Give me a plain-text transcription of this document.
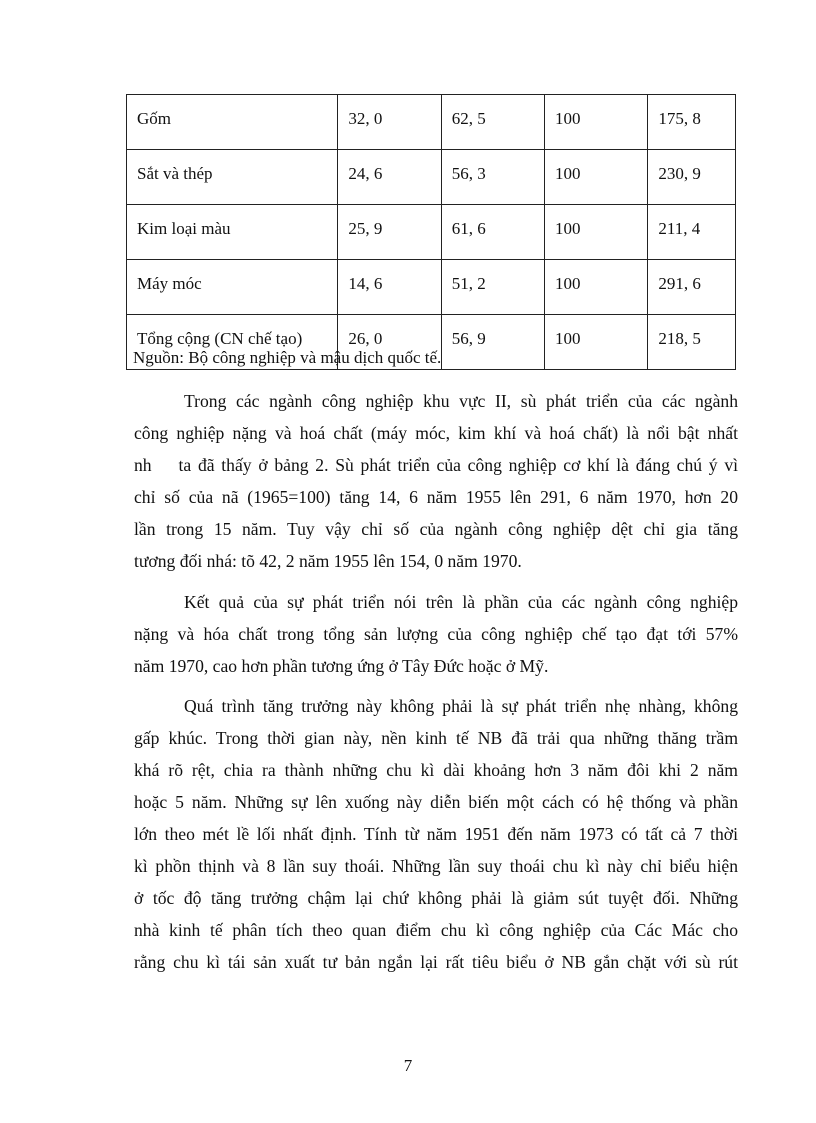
Gốm	32, 0	62, 5	100	175, 8
Sắt và thép	24, 6	56, 3	100	230, 9
Kim loại màu	25, 9	61, 6	100	211, 4
Máy móc	14, 6	51, 2	100	291, 6
Tổng cộng (CN chế tạo)	26, 0	56, 9	100	218, 5
Nguồn: Bộ công nghiệp và mậu dịch quốc tế.
Trong các ngành công nghiệp khu vực II, sù phát triển của các ngành
công nghiệp nặng và hoá chất (máy móc, kim khí và hoá chất) là nổi bật nhất
nh    ta đã thấy ở bảng 2. Sù phát triển của công nghiệp cơ khí là đáng chú ý vì
chỉ số của nã (1965=100) tăng 14, 6 năm 1955 lên 291, 6 năm 1970, hơn 20
lần trong 15 năm. Tuy vậy chỉ số của ngành công nghiệp dệt chỉ gia tăng
tương đối nhá: tõ 42, 2 năm 1955 lên 154, 0 năm 1970.
Kết quả của sự phát triển nói trên là phần của các ngành công nghiệp
nặng và hóa chất trong tổng sản lượng của công nghiệp chế tạo đạt tới 57%
năm 1970, cao hơn phần tương ứng ở Tây Đức hoặc ở Mỹ.
Quá trình tăng trưởng này không phải là sự phát triển nhẹ nhàng, không
gấp khúc. Trong thời gian này, nền kinh tế NB đã trải qua những thăng trầm
khá rõ rệt, chia ra thành những chu kì dài khoảng hơn 3 năm đôi khi 2 năm
hoặc 5 năm. Những sự lên xuống này diễn biến một cách có hệ thống và phần
lớn theo mét lề lối nhất định. Tính từ năm 1951 đến năm 1973 có tất cả 7 thời
kì phồn thịnh và 8 lần suy thoái. Những lần suy thoái chu kì này chỉ biểu hiện
ở tốc độ tăng trưởng chậm lại chứ không phải là giảm sút tuyệt đối. Những
nhà kinh tế phân tích theo quan điểm chu kì công nghiệp của Các Mác cho
rằng chu kì tái sản xuất tư bản ngắn lại rất tiêu biểu ở NB gắn chặt với sù rút
7
